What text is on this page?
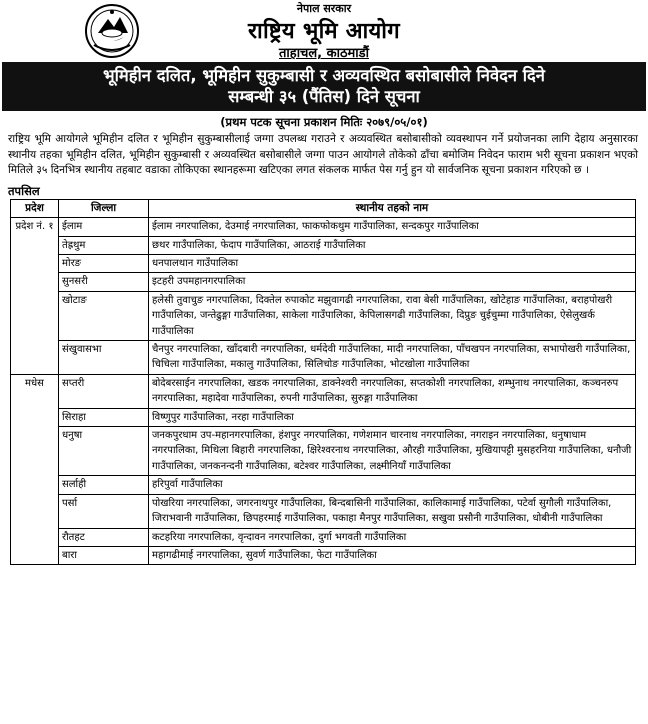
नेपाल सरकार
राष्ट्रिय भूमि आयोग
ताहाचल, काठमाडौं
भूमिहीन दलित, भूमिहीन सुकुम्बासी र अव्यवस्थित बसोबासीले निवेदन दिने
सम्बन्धी ३५ (पैंतिस) दिने सूचना
(प्रथम पटक सूचना प्रकाशन मितिः २०७९/०५/०१)
राष्ट्रिय भूमि आयोगले भूमिहीन दलित र भूमिहीन सुकुम्बासीलाई जग्गा उपलब्ध गराउने र अव्यवस्थित बसोबासीको व्यवस्थापन गर्ने प्रयोजनका लागि देहाय अनुसारका स्थानीय तहका भूमिहीन दलित, भूमिहीन सुकुम्बासी र अव्यवस्थित बसोबासीले जग्गा पाउन आयोगले तोकेको ढाँचा बमोजिम निवेदन फाराम भरी सूचना प्रकाशन भएको मितिले ३५ दिनभित्र स्थानीय तहबाट वडाका तोकिएका स्थानहरूमा खटिएका लगत संकलक मार्फत पेस गर्नु हुन यो सार्वजनिक सूचना प्रकाशन गरिएको छ ।
तपसिल
प्रदेश	जिल्ला	स्थानीय तहको नाम
प्रदेश नं. १	ईलाम	ईलाम नगरपालिका, देउमाई नगरपालिका, फाकफोकथुम गाउँपालिका, सन्दकपुर गाउँपालिका
	तेह्रथुम	छथर गाउँपालिका, फेदाप गाउँपालिका, आठराई गाउँपालिका
	मोरङ	धनपालथान गाउँपालिका
	सुनसरी	इटहरी उपमहानगरपालिका
	खोटाङ	हलेसी तुवाचुङ नगरपालिका, दिक्तेल रुपाकोट मझुवागढी नगरपालिका, रावा बेसी गाउँपालिका, खोटेहाङ गाउँपालिका, बराहपोखरी गाउँपालिका, जन्तेढुङ्गा गाउँपालिका, साकेला गाउँपालिका, केपिलासगढी गाउँपालिका, दिप्रुङ चुईचुम्मा गाउँपालिका, ऐसेलुखर्क गाउँपालिका
	संखुवासभा	चैनपुर नगरपालिका, खाँदबारी नगरपालिका, धर्मदेवी गाउँपालिका, मादी नगरपालिका, पाँचखपन नगरपालिका, सभापोखरी गाउँपालिका, चिचिला गाउँपालिका, मकालु गाउँपालिका, सिलिचोङ गाउँपालिका, भोटखोला गाउँपालिका
मधेस	सप्तरी	बोदेबरसाईन नगरपालिका, खडक नगरपालिका, डाक्नेश्वरी नगरपालिका, सप्तकोशी नगरपालिका, शम्भुनाथ नगरपालिका, कञ्चनरुप नगरपालिका, महादेवा गाउँपालिका, रुपनी गाउँपालिका, सुरुङ्गा गाउँपालिका
	सिराहा	विष्णुपुर गाउँपालिका, नरहा गाउँपालिका
	धनुषा	जनकपुरधाम उप-महानगरपालिका, हंशपुर नगरपालिका, गणेशमान चारनाथ नगरपालिका, नगराइन नगरपालिका, धनुषाधाम नगरपालिका, मिथिला बिहारी नगरपालिका, क्षिरेश्वरनाथ नगरपालिका, औरही गाउँपालिका, मुखियापट्टी मुसहरनिया गाउँपालिका, धनौजी गाउँपालिका, जनकनन्दनी गाउँपालिका, बटेश्वर गाउँपालिका, लक्ष्मीनियाँ गाउँपालिका
	सर्लाही	हरिपुर्वा गाउँपालिका
	पर्सा	पोखरिया नगरपालिका, जगरनाथपुर गाउँपालिका, बिन्दबासिनी गाउँपालिका, कालिकामाई गाउँपालिका, पटेर्वा सुगौली गाउँपालिका, जिराभवानी गाउँपालिका, छिपहरमाई गाउँपालिका, पकाहा मैनपुर गाउँपालिका, सखुवा प्रसौनी गाउँपालिका, धोबीनी गाउँपालिका
	रौतहट	कटहरिया नगरपालिका, वृन्दावन नगरपालिका, दुर्गा भगवती गाउँपालिका
	बारा	महागढीमाई नगरपालिका, सुवर्ण गाउँपालिका, फेटा गाउँपालिका
